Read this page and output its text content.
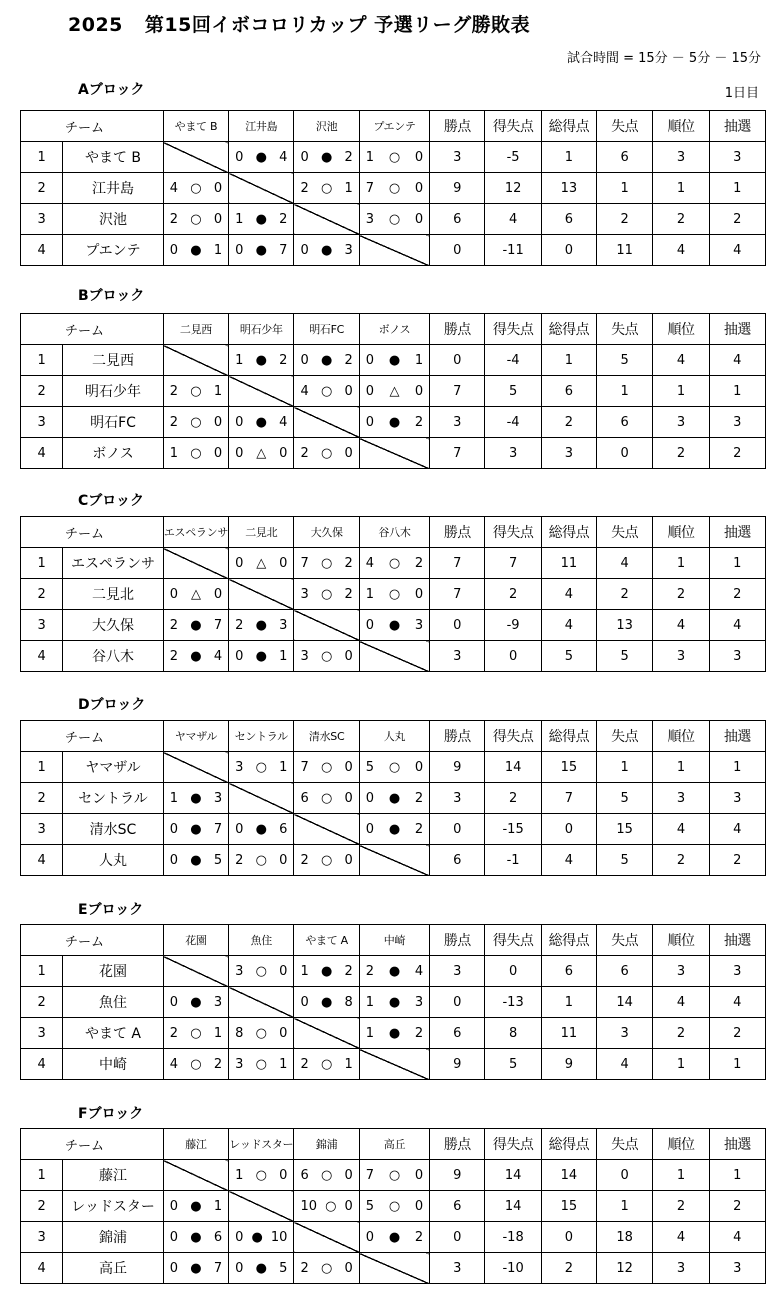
2025 第15回イボコロリカップ 予選リーグ勝敗表
試合時間 = 15分 － 5分 － 15分
1日目
Aブロック
チーム		やまて B	江井島	沢池	プエンテ	勝点	得失点	総得点	失点	順位	抽選
1	やまて B		0 ● 4	0 ● 2	1 ○ 0	3	-5	1	6	3	3
2	江井島	4 ○ 0		2 ○ 1	7 ○ 0	9	12	13	1	1	1
3	沢池	2 ○ 0	1 ● 2		3 ○ 0	6	4	6	2	2	2
4	プエンテ	0 ● 1	0 ● 7	0 ● 3		0	-11	0	11	4	4
Bブロック
チーム		二見西	明石少年	明石FC	ボノス	勝点	得失点	総得点	失点	順位	抽選
1	二見西		1 ● 2	0 ● 2	0 ● 1	0	-4	1	5	4	4
2	明石少年	2 ○ 1		4 ○ 0	0 △ 0	7	5	6	1	1	1
3	明石FC	2 ○ 0	0 ● 4		0 ● 2	3	-4	2	6	3	3
4	ボノス	1 ○ 0	0 △ 0	2 ○ 0		7	3	3	0	2	2
Cブロック
チーム		エスペランサ	二見北	大久保	谷八木	勝点	得失点	総得点	失点	順位	抽選
1	エスペランサ		0 △ 0	7 ○ 2	4 ○ 2	7	7	11	4	1	1
2	二見北	0 △ 0		3 ○ 2	1 ○ 0	7	2	4	2	2	2
3	大久保	2 ● 7	2 ● 3		0 ● 3	0	-9	4	13	4	4
4	谷八木	2 ● 4	0 ● 1	3 ○ 0		3	0	5	5	3	3
Dブロック
チーム		ヤマザル	セントラル	清水SC	人丸	勝点	得失点	総得点	失点	順位	抽選
1	ヤマザル		3 ○ 1	7 ○ 0	5 ○ 0	9	14	15	1	1	1
2	セントラル	1 ● 3		6 ○ 0	0 ● 2	3	2	7	5	3	3
3	清水SC	0 ● 7	0 ● 6		0 ● 2	0	-15	0	15	4	4
4	人丸	0 ● 5	2 ○ 0	2 ○ 0		6	-1	4	5	2	2
Eブロック
チーム		花園	魚住	やまて A	中崎	勝点	得失点	総得点	失点	順位	抽選
1	花園		3 ○ 0	1 ● 2	2 ● 4	3	0	6	6	3	3
2	魚住	0 ● 3		0 ● 8	1 ● 3	0	-13	1	14	4	4
3	やまて A	2 ○ 1	8 ○ 0		1 ● 2	6	8	11	3	2	2
4	中崎	4 ○ 2	3 ○ 1	2 ○ 1		9	5	9	4	1	1
Fブロック
チーム		藤江	レッドスター	錦浦	高丘	勝点	得失点	総得点	失点	順位	抽選
1	藤江		1 ○ 0	6 ○ 0	7 ○ 0	9	14	14	0	1	1
2	レッドスター	0 ● 1		10 ○ 0	5 ○ 0	6	14	15	1	2	2
3	錦浦	0 ● 6	0 ● 10		0 ● 2	0	-18	0	18	4	4
4	高丘	0 ● 7	0 ● 5	2 ○ 0		3	-10	2	12	3	3
